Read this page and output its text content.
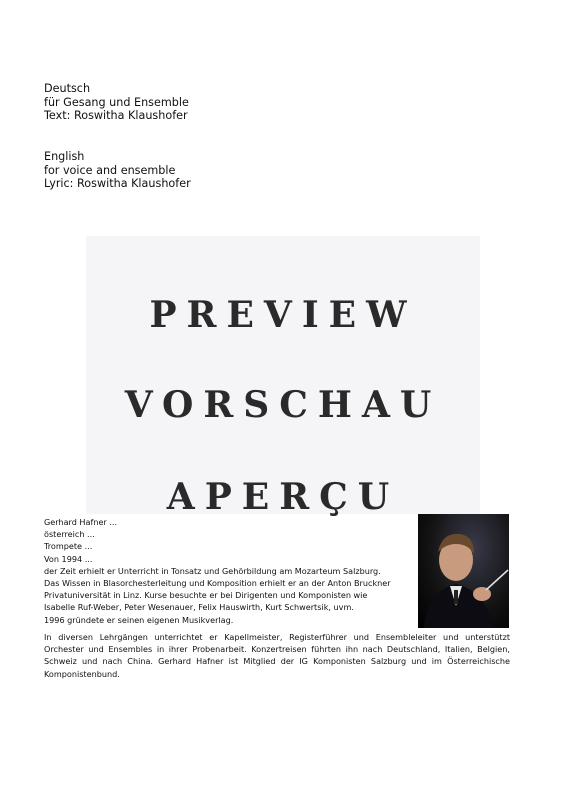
Deutsch
für Gesang und Ensemble
Text: Roswitha Klaushofer
English
for voice and ensemble
Lyric: Roswitha Klaushofer
Gerhard Hafner ...
österreich ...
Trompete ...
Von 1994 ...
der Zeit erhielt er Unterricht in Tonsatz und Gehörbildung am Mozarteum Salzburg.
Das Wissen in Blasorchesterleitung und Komposition erhielt er an der Anton Bruckner
Privatuniversität in Linz. Kurse besuchte er bei Dirigenten und Komponisten wie
Isabelle Ruf-Weber, Peter Wesenauer, Felix Hauswirth, Kurt Schwertsik, uvm.
1996 gründete er seinen eigenen Musikverlag.
In diversen Lehrgängen unterrichtet er Kapellmeister, Registerführer und Ensembleleiter und unterstützt Orchester und Ensembles in ihrer Probenarbeit. Konzertreisen führten ihn nach Deutschland, Italien, Belgien, Schweiz und nach China. Gerhard Hafner ist Mitglied der IG Komponisten Salzburg und im Österreichische Komponistenbund.
PREVIEW
VORSCHAU
APERÇU
